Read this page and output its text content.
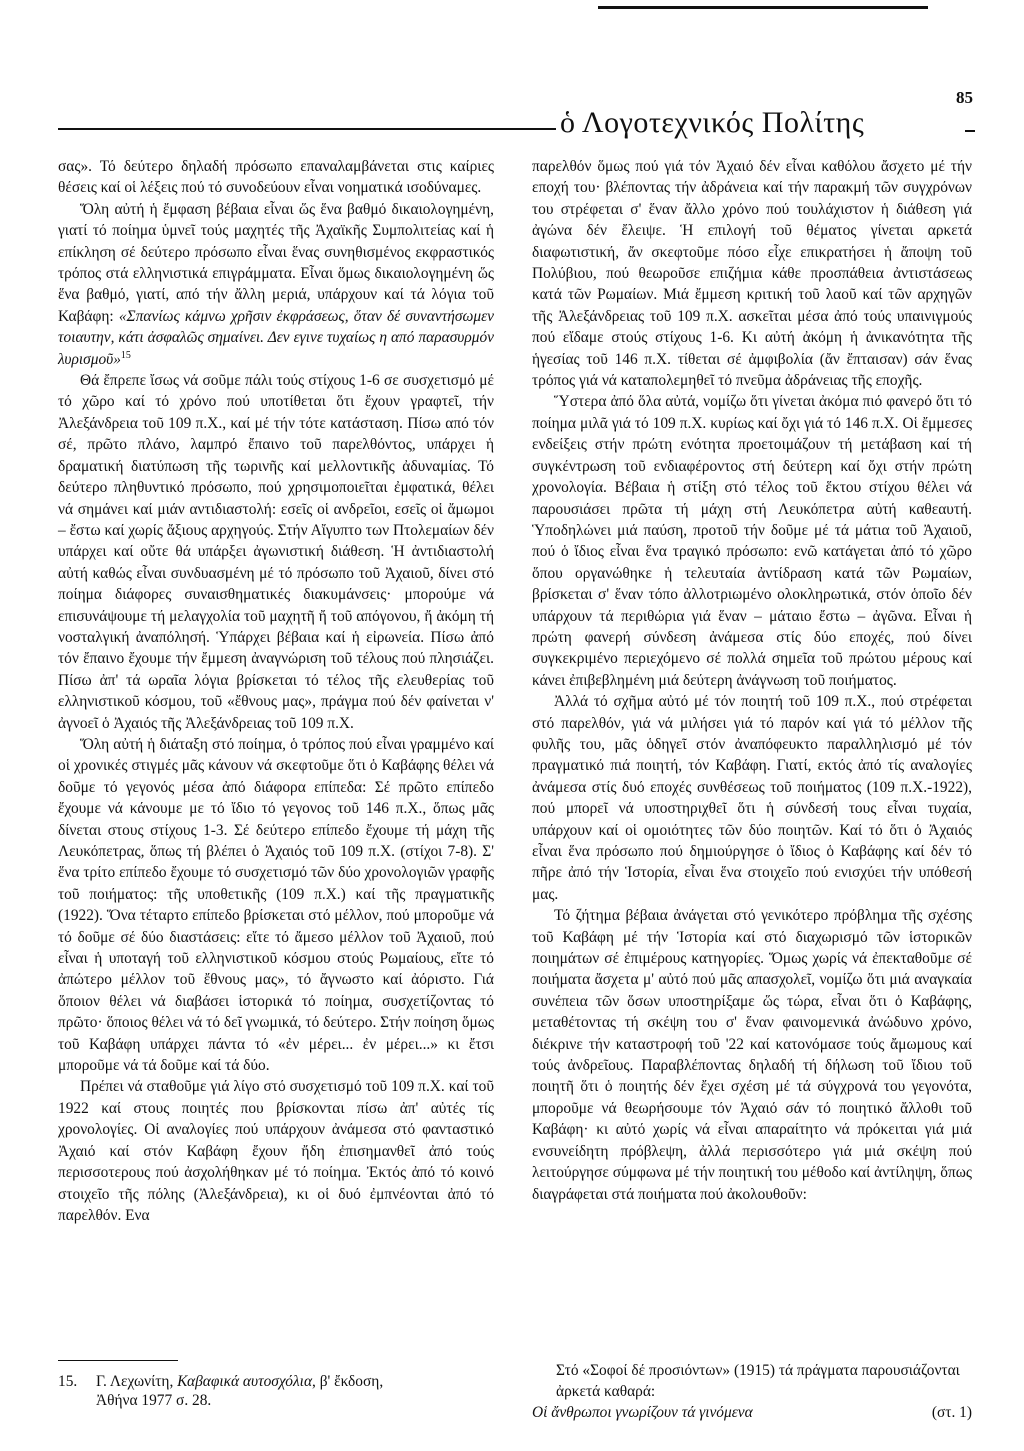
85
ὁ Λογοτεχνικός Πολίτης

σας». Τό δεύτερο δηλαδή πρόσωπο επαναλαμβάνεται στις καίριες θέσεις καί οἱ λέξεις πού τό συνοδεύουν εἶναι νοηματικά ισοδύναμες.

Ὅλη αὐτή ἡ ἔμφαση βέβαια εἶναι ὥς ἕνα βαθμό δικαιολογημένη, γιατί τό ποίημα ὑμνεῖ τούς μαχητές τῆς Ἀχαϊκῆς Συμπολιτείας καί ἡ επίκληση σέ δεύτερο πρόσωπο εἶναι ἕνας συνηθισμένος εκφραστικός τρόπος στά ελληνιστικά επιγράμματα. Εἶναι ὅμως δικαιολογημένη ὥς ἕνα βαθμό, γιατί, από τήν ἄλλη μεριά, υπάρχουν καί τά λόγια τοῦ Καβάφη: «Σπανίως κάμνω χρῆσιν ἐκφράσεως, ὅταν δέ συναντήσωμεν τοιαυτην, κάτι ἀσφαλῶς σημαίνει. Δεν εγινε τυχαίως η από παρασυρμόν λυρισμοῦ»$^{15}$

Θά ἔπρεπε ἴσως νά σοῦμε πάλι τούς στίχους 1-6 σε συσχετισμό μέ τό χῶρο καί τό χρόνο πού υποτίθεται ὅτι ἔχουν γραφτεῖ, τήν Ἀλεξάνδρεια τοῦ 109 π.Χ., καί μέ τήν τότε κατάσταση. Πίσω από τόν σέ, πρῶτο πλάνο, λαμπρό ἔπαινο τοῦ παρελθόντος, υπάρχει ἡ δραματική διατύπωση τῆς τωρινῆς καί μελλοντικῆς ἀδυναμίας. Τό δεύτερο πληθυντικό πρόσωπο, πού χρησιμοποιεῖται ἐμφατικά, θέλει νά σημάνει καί μιάν αντιδιαστολή: εσεῖς οἱ ανδρεῖοι, εσεῖς οἱ ἄμωμοι – ἔστω καί χωρίς ἄξιους αρχηγούς. Στήν Αἴγυπτο των Πτολεμαίων δέν υπάρχει καί οὔτε θά υπάρξει ἀγωνιστική διάθεση. Ἡ ἀντιδιαστολή αὐτή καθώς εἶναι συνδυασμένη μέ τό πρόσωπο τοῦ Ἀχαιοῦ, δίνει στό ποίημα διάφορες συναισθηματικές διακυμάνσεις· μπορούμε νά επισυνάψουμε τή μελαγχολία τοῦ μαχητῆ ἤ τοῦ απόγονου, ἤ ἀκόμη τή νοσταλγική ἀναπόλησή. Ὑπάρχει βέβαια καί ἡ εἰρωνεία. Πίσω ἀπό τόν ἔπαινο ἔχουμε τήν ἔμμεση ἀναγνώριση τοῦ τέλους πού πλησιάζει. Πίσω ἀπ' τά ωραῖα λόγια βρίσκεται τό τέλος τῆς ελευθερίας τοῦ ελληνιστικοῦ κόσμου, τοῦ «ἔθνους μας», πράγμα πού δέν φαίνεται ν' ἀγνοεῖ ὁ Ἀχαιός τῆς Ἀλεξάνδρειας τοῦ 109 π.Χ.

Ὅλη αὐτή ἡ διάταξη στό ποίημα, ὁ τρόπος πού εἶναι γραμμένο καί οἱ χρονικές στιγμές μᾶς κάνουν νά σκεφτοῦμε ὅτι ὁ Καβάφης θέλει νά δοῦμε τό γεγονός μέσα ἀπό διάφορα επίπεδα: Σέ πρῶτο επίπεδο ἔχουμε νά κάνουμε με τό ἴδιο τό γεγονος τοῦ 146 π.Χ., ὅπως μᾶς δίνεται στους στίχους 1-3. Σέ δεύτερο επίπεδο ἔχουμε τή μάχη τῆς Λευκόπετρας, ὅπως τή βλέπει ὁ Ἀχαιός τοῦ 109 π.Χ. (στίχοι 7-8). Σ' ἕνα τρίτο επίπεδο ἔχουμε τό συσχετισμό τῶν δύο χρονολογιῶν γραφῆς τοῦ ποιήματος: τῆς υποθετικῆς (109 π.Χ.) καί τῆς πραγματικῆς (1922). Ὅνα τέταρτο επίπεδο βρίσκεται στό μέλλον, πού μποροῦμε νά τό δοῦμε σέ δύο διαστάσεις: εἴτε τό ἄμεσο μέλλον τοῦ Ἀχαιοῦ, πού εἶναι ἡ υποταγή τοῦ ελληνιστικοῦ κόσμου στούς Ρωμαίους, εἴτε τό ἀπώτερο μέλλον τοῦ ἔθνους μας», τό ἄγνωστο καί ἀόριστο. Γιά ὅποιον θέλει νά διαβάσει ἱστορικά τό ποίημα, συσχετίζοντας τό πρῶτο· ὅποιος θέλει νά τό δεῖ γνωμικά, τό δεύτερο. Στήν ποίηση ὅμως τοῦ Καβάφη υπάρχει πάντα τό «ἐν μέρει... ἐν μέρει...» κι ἔτσι μποροῦμε νά τά δοῦμε καί τά δύο.

Πρέπει νά σταθοῦμε γιά λίγο στό συσχετισμό τοῦ 109 π.Χ. καί τοῦ 1922 καί στους ποιητές που βρίσκονται πίσω ἀπ' αὐτές τίς χρονολογίες. Οἱ αναλογίες πού υπάρχουν ἀνάμεσα στό φανταστικό Ἀχαιό καί στόν Καβάφη ἔχουν ἤδη ἐπισημανθεῖ ἀπό τούς περισσοτερους πού ἀσχολήθηκαν μέ τό ποίημα. Ἐκτός ἀπό τό κοινό στοιχεῖο τῆς πόλης (Ἀλεξάνδρεια), κι οἱ δυό ἐμπνέονται ἀπό τό παρελθόν. Ενα

παρελθόν ὅμως πού γιά τόν Ἀχαιό δέν εἶναι καθόλου ἄσχετο μέ τήν εποχή του· βλέποντας τήν ἀδράνεια καί τήν παρακμή τῶν συγχρόνων του στρέφεται σ' ἕναν ἄλλο χρόνο πού τουλάχιστον ἡ διάθεση γιά ἀγώνα δέν ἔλειψε. Ἡ επιλογή τοῦ θέματος γίνεται αρκετά διαφωτιστική, ἄν σκεφτοῦμε πόσο εἶχε επικρατήσει ἡ ἄποψη τοῦ Πολύβιου, πού θεωροῦσε επιζήμια κάθε προσπάθεια ἀντιστάσεως κατά τῶν Ρωμαίων. Μιά ἔμμεση κριτική τοῦ λαοῦ καί τῶν αρχηγῶν τῆς Ἀλεξάνδρειας τοῦ 109 π.Χ. ασκεῖται μέσα ἀπό τούς υπαινιγμούς πού εἴδαμε στούς στίχους 1-6. Κι αὐτή ἀκόμη ἡ ἀνικανότητα τῆς ἡγεσίας τοῦ 146 π.Χ. τίθεται σέ ἀμφιβολία (ἄν ἔπταισαν) σάν ἕνας τρόπος γιά νά καταπολεμηθεῖ τό πνεῦμα ἀδράνειας τῆς εποχῆς.

Ὕστερα ἀπό ὅλα αὐτά, νομίζω ὅτι γίνεται ἀκόμα πιό φανερό ὅτι τό ποίημα μιλᾶ γιά τό 109 π.Χ. κυρίως καί ὄχι γιά τό 146 π.Χ. Οἱ ἔμμεσες ενδείξεις στήν πρώτη ενότητα προετοιμάζουν τή μετάβαση καί τή συγκέντρωση τοῦ ενδιαφέροντος στή δεύτερη καί ὄχι στήν πρώτη χρονολογία. Βέβαια ἡ στίξη στό τέλος τοῦ ἕκτου στίχου θέλει νά παρουσιάσει πρῶτα τή μάχη στή Λευκόπετρα αὐτή καθεαυτή. Ὑποδηλώνει μιά παύση, προτοῦ τήν δοῦμε μέ τά μάτια τοῦ Ἀχαιοῦ, πού ὁ ἴδιος εἶναι ἕνα τραγικό πρόσωπο: ενῶ κατάγεται ἀπό τό χῶρο ὅπου οργανώθηκε ἡ τελευταία ἀντίδραση κατά τῶν Ρωμαίων, βρίσκεται σ' ἕναν τόπο ἀλλοτριωμένο ολοκληρωτικά, στόν ὁποῖο δέν υπάρχουν τά περιθώρια γιά ἕναν – μάταιο ἔστω – ἀγῶνα. Εἶναι ἡ πρώτη φανερή σύνδεση ἀνάμεσα στίς δύο εποχές, πού δίνει συγκεκριμένο περιεχόμενο σέ πολλά σημεῖα τοῦ πρώτου μέρους καί κάνει ἐπιβεβλημένη μιά δεύτερη ἀνάγνωση τοῦ ποιήματος.

Ἀλλά τό σχῆμα αὐτό μέ τόν ποιητή τοῦ 109 π.Χ., πού στρέφεται στό παρελθόν, γιά νά μιλήσει γιά τό παρόν καί γιά τό μέλλον τῆς φυλῆς του, μᾶς ὁδηγεῖ στόν ἀναπόφευκτο παραλληλισμό μέ τόν πραγματικό πιά ποιητή, τόν Καβάφη. Γιατί, εκτός ἀπό τίς αναλογίες ἀνάμεσα στίς δυό εποχές συνθέσεως τοῦ ποιήματος (109 π.Χ.-1922), πού μπορεῖ νά υποστηριχθεῖ ὅτι ἡ σύνδεσή τους εἶναι τυχαία, υπάρχουν καί οἱ ομοιότητες τῶν δύο ποιητῶν. Καί τό ὅτι ὁ Ἀχαιός εἶναι ἕνα πρόσωπο πού δημιούργησε ὁ ἴδιος ὁ Καβάφης καί δέν τό πῆρε ἀπό τήν Ἱστορία, εἶναι ἕνα στοιχεῖο πού ενισχύει τήν υπόθεσή μας.

Τό ζήτημα βέβαια ἀνάγεται στό γενικότερο πρόβλημα τῆς σχέσης τοῦ Καβάφη μέ τήν Ἱστορία καί στό διαχωρισμό τῶν ἱστορικῶν ποιημάτων σέ ἐπιμέρους κατηγορίες. Ὅμως χωρίς νά ἐπεκταθοῦμε σέ ποιήματα ἄσχετα μ' αὐτό πού μᾶς απασχολεῖ, νομίζω ὅτι μιά αναγκαία συνέπεια τῶν ὅσων υποστηρίξαμε ὥς τώρα, εἶναι ὅτι ὁ Καβάφης, μεταθέτοντας τή σκέψη του σ' ἕναν φαινομενικά ἀνώδυνο χρόνο, διέκρινε τήν καταστροφή τοῦ '22 καί κατονόμασε τούς ἄμωμους καί τούς ἀνδρεῖους. Παραβλέποντας δηλαδή τή δήλωση τοῦ ἴδιου τοῦ ποιητῆ ὅτι ὁ ποιητής δέν ἔχει σχέση μέ τά σύγχρονά του γεγονότα, μποροῦμε νά θεωρήσουμε τόν Ἀχαιό σάν τό ποιητικό ἄλλοθι τοῦ Καβάφη· κι αὐτό χωρίς νά εἶναι απαραίτητο νά πρόκειται γιά μιά ενσυνείδητη πρόβλεψη, ἀλλά περισσότερο γιά μιά σκέψη πού λειτούργησε σύμφωνα μέ τήν ποιητική του μέθοδο καί ἀντίληψη, ὅπως διαγράφεται στά ποιήματα πού ἀκολουθοῦν:

15. Γ. Λεχωνίτη, Καβαφικά αυτοσχόλια, β' ἔκδοση,
Ἀθήνα 1977 σ. 28.
Στό «Σοφοί δέ προσιόντων» (1915) τά πράγματα παρουσιάζονται ἀρκετά καθαρά:
Οἱ ἄνθρωποι γνωρίζουν τά γινόμενα	(στ. 1)
